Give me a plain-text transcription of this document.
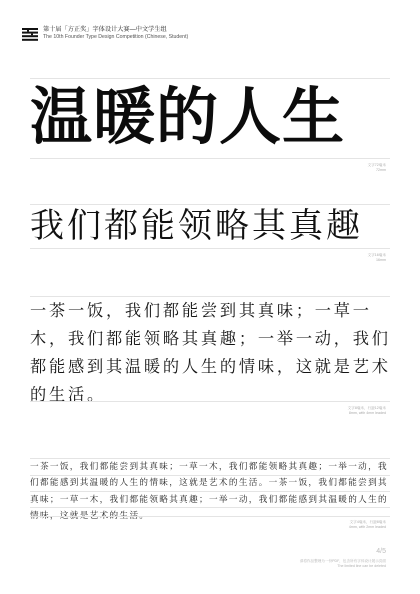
第十届「方正奖」字体设计大赛—中文学生组
The 10th Founder Type Design Competition (Chinese, Student)
温暖的人生
文字72毫米
72mm
我们都能领略其真趣
文字16毫米
16mm
一茶一饭，我们都能尝到其真味；一草一木，我们都能领略其真趣；一举一动，我们都能感到其温暖的人生的情味，这就是艺术的生活。
文字8毫米，行距12毫米
8mm, with 4mm leaded
一茶一饭，我们都能尝到其真味；一草一木，我们都能领略其真趣；一举一动，我们都能感到其温暖的人生的情味，这就是艺术的生活。一茶一饭，我们都能尝到其真味；一草一木，我们都能领略其真趣；一举一动，我们都能感到其温暖的人生的情味，这就是艺术的生活。
文字4毫米，行距8毫米
4mm, with 2mm leaded
4/5
请将作品整理为一份PDF，包含所有字体设计展示页面
The limited line can be deleted
